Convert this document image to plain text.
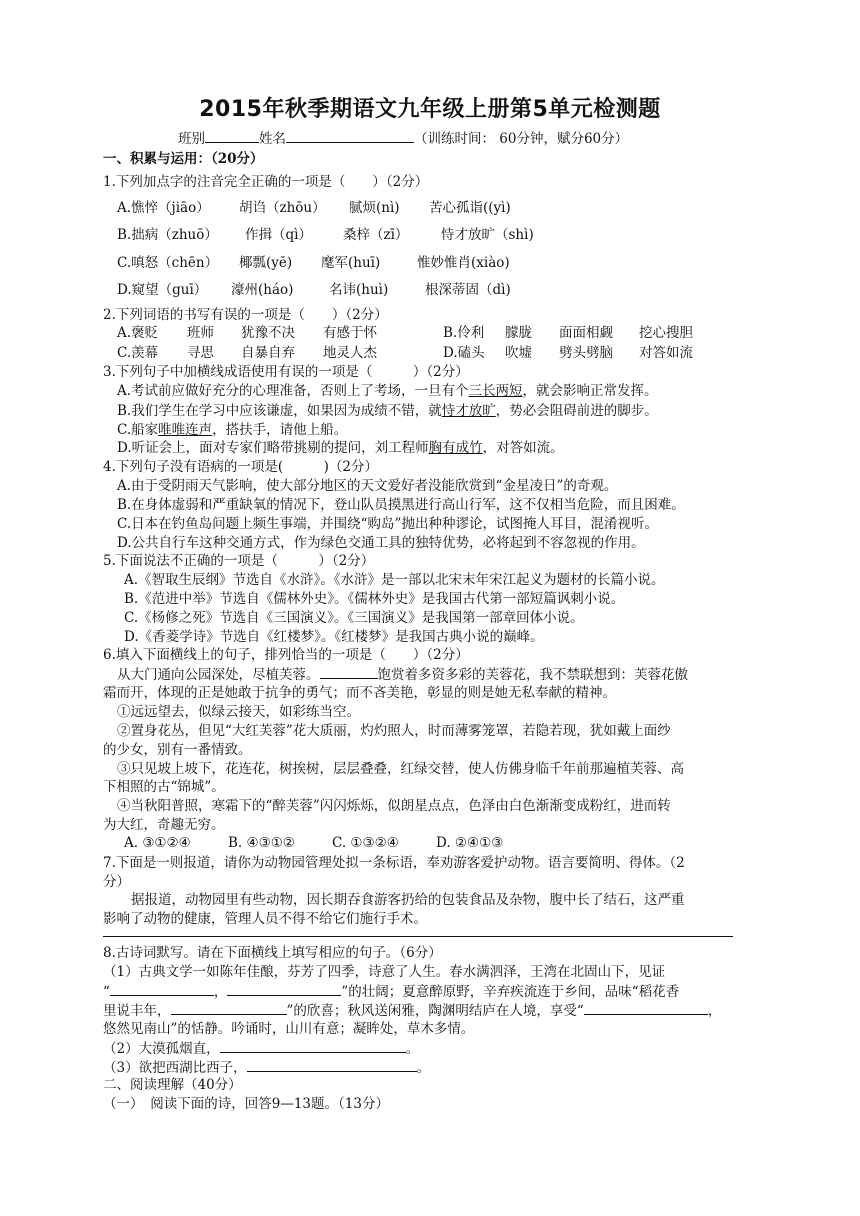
2015年秋季期语文九年级上册第5单元检测题
班别	姓名	（训练时间： 60分钟，赋分60分）
一、积累与运用：（20分）
1.下列加点字的注音完全正确的一项是（　　）（2分）
A.憔悴（jiāo） 胡诌（zhōu） 腻烦(nì) 苦心孤诣((yì)
B.拙病（zhuō） 作揖（qì） 桑梓（zī） 恃才放旷（shì)
C.嗔怒（chēn） 椰瓢(yē) 麾军(huī)	惟妙惟肖(xiào)
D.窥望（guī） 濠州(háo)	名讳(huì)	根深蒂固（dì)
2.下列词语的书写有误的一项是（　　）（2分）
A.褒贬 班师 犹豫不决 有感于怀	B.伶利 朦胧 面面相觑 挖心搜胆
C.羡幕 寻思 自暴自弃 地灵人杰	D.磕头 吹墟 劈头劈脑 对答如流
3.下列句子中加横线成语使用有误的一项是（　　　）（2分）
A.考试前应做好充分的心理准备，否则上了考场，一旦有个三长两短，就会影响正常发挥。
B.我们学生在学习中应该谦虚，如果因为成绩不错，就恃才放旷，势必会阻碍前进的脚步。
C.船家唯唯连声，搭扶手，请他上船。
D.听证会上，面对专家们略带挑剔的提问，刘工程师胸有成竹，对答如流。
4.下列句子没有语病的一项是(　　　)（2分）
A.由于受阴雨天气影响，使大部分地区的天文爱好者没能欣赏到“金星凌日”的奇观。
B.在身体虚弱和严重缺氧的情况下，登山队员摸黑进行高山行军，这不仅相当危险，而且困难。
C.日本在钓鱼岛问题上频生事端，并围绕“购岛”抛出种种谬论，试图掩人耳目，混淆视听。
D.公共自行车这种交通方式，作为绿色交通工具的独特优势，必将起到不容忽视的作用。
5.下面说法不正确的一项是（　　　）（2分）
A.《智取生辰纲》节选自《水浒》。《水浒》是一部以北宋末年宋江起义为题材的长篇小说。
B.《范进中举》节选自《儒林外史》。《儒林外史》是我国古代第一部短篇讽刺小说。
C.《杨修之死》节选自《三国演义》。《三国演义》是我国第一部章回体小说。
D.《香菱学诗》节选自《红楼梦》。《红楼梦》是我国古典小说的巅峰。
6.填入下面横线上的句子，排列恰当的一项是（　　）（2分）
从大门通向公园深处，尽植芙蓉。	饱赏着多资多彩的芙蓉花，我不禁联想到：芙蓉花傲
霜而开，体现的正是她敢于抗争的勇气；而不吝美艳，彰显的则是她无私奉献的精神。
①远远望去，似绿云接天，如彩练当空。
②置身花丛，但见“大红芙蓉”花大质丽，灼灼照人，时而薄雾笼罩，若隐若现，犹如戴上面纱
的少女，别有一番情致。
③只见坡上坡下，花连花，树挨树，层层叠叠，红绿交替，使人仿佛身临千年前那遍植芙蓉、高
下相照的古“锦城”。
④当秋阳普照，寒霜下的“醉芙蓉”闪闪烁烁，似朗星点点，色泽由白色渐渐变成粉红，进而转
为大红，奇趣无穷。
A. ③①②④	B. ④③①②	C. ①③②④	D. ②④①③
7.下面是一则报道，请你为动物园管理处拟一条标语，奉劝游客爱护动物。语言要简明、得体。（2
分）
据报道，动物园里有些动物，因长期吞食游客扔给的包装食品及杂物，腹中长了结石，这严重
影响了动物的健康，管理人员不得不给它们施行手术。
8.古诗词默写。请在下面横线上填写相应的句子。（6分）
（1）古典文学一如陈年佳酿，芬芳了四季，诗意了人生。春水满泗泽，王湾在北固山下，见证
“	，	”的壮阔；夏意醉原野，辛弃疾流连于乡间，品味“稻花香
里说丰年，	”的欣喜；秋风送闲雅，陶渊明结庐在人境，享受“	，
悠然见南山”的恬静。吟诵时，山川有意；凝眸处，草木多情。
（2）大漠孤烟直，	。
（3）欲把西湖比西子，	。
二、阅读理解（40分）
（一）　阅读下面的诗，回答9—13题。（13分）
